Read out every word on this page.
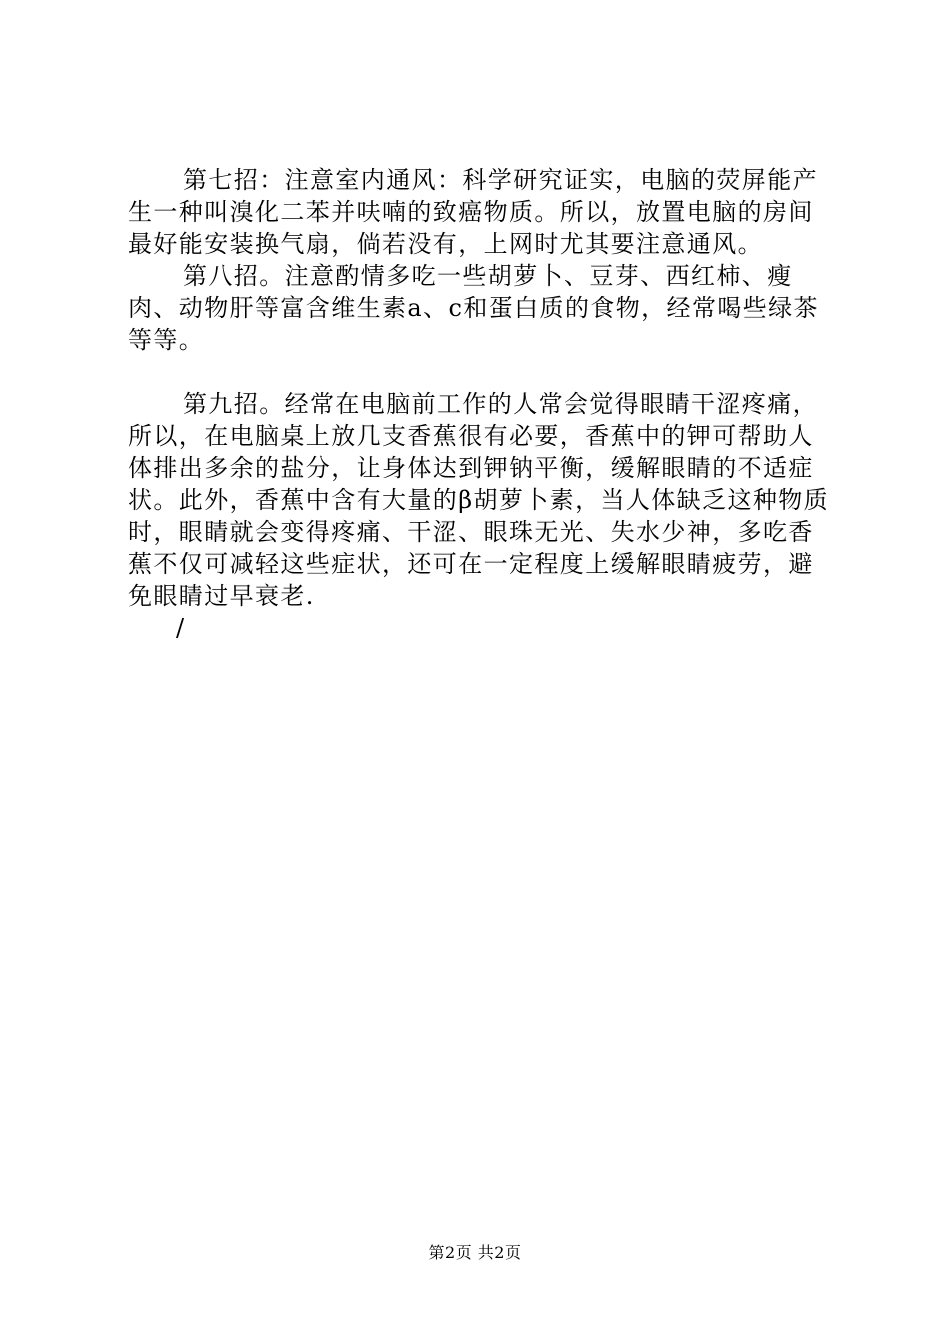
第七招：注意室内通风：科学研究证实，电脑的荧屏能产生一种叫溴化二苯并呋喃的致癌物质。所以，放置电脑的房间最好能安装换气扇，倘若没有，上网时尤其要注意通风。

第八招。注意酌情多吃一些胡萝卜、豆芽、西红柿、瘦肉、动物肝等富含维生素a、c和蛋白质的食物，经常喝些绿茶等等。

第九招。经常在电脑前工作的人常会觉得眼睛干涩疼痛，所以，在电脑桌上放几支香蕉很有必要，香蕉中的钾可帮助人体排出多余的盐分，让身体达到钾钠平衡，缓解眼睛的不适症状。此外，香蕉中含有大量的β胡萝卜素，当人体缺乏这种物质时，眼睛就会变得疼痛、干涩、眼珠无光、失水少神，多吃香蕉不仅可减轻这些症状，还可在一定程度上缓解眼睛疲劳，避免眼睛过早衰老.

/

第2页 共2页
